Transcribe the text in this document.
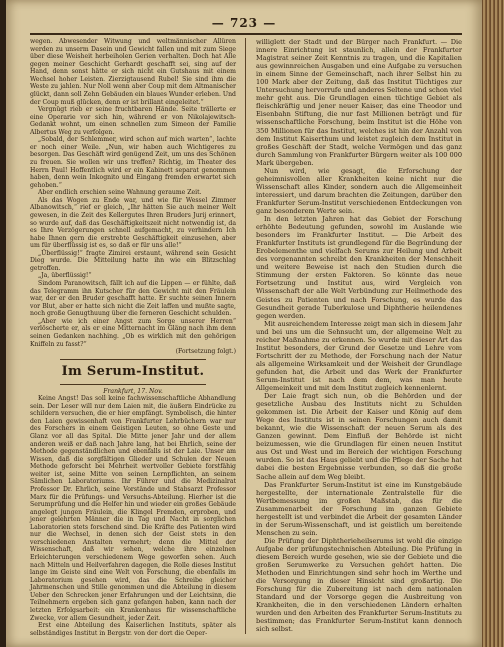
— 723 —

wegen. Abwesender Witwung und weltmännischer Allüren werden zu unserm Dasein und Gewicht fallen und mit zum Siege über diese Weisheit herbeiholen Gerien verhalten. Doch hat Alle gegen meiner Geschicht Gerhardt geschafft sei, sing auf der Hand, denn sonst hätte er sich nicht ein Gutshaus mit einem Wechsel hoher Leisten. Zierzigtausend Rubel! Sie sind ihm die Weste zu jahlen. Nur Noll wenn aber Coup mit dem Altmanischer glückt, dann soll Zehn Gebäuden ein blaues Wunder erleben. Und der Coup muß glücken, denn er ist brillant eingeleitet.“

Vergnügt rieb er seine fruchtbaren Hände. Seite trällerte er eine Operarie vor sich hin, während er von Nikolajewitsch-Gedankt wohnt, um einen schnellen zum Simeon der Familie Albertus Weg zu verfolgen.

„Sobald, der Schlemmer, wird schon auf mich warten“, lachte er noch einer Weile. „Nun, wir haben auch Wichtigeres zu besorgen. Das Geschäft wird genügend Zeit, um uns des Schönen zu freuen. Sie wollen wir uns treffen? Richtig, im Theater des Herrn Paul! Hoffentlich wird er ein Kabinett separat genommen haben, denn wein Inkognito und Eingang fremden erwartet sich gehoben.“

Aber endlich erschien seine Wahnung geraume Zeit.

Als das Wogen zu Ende war, und wie für Wessel Zimmer Albanowitsch,“ rief er gleich, „Ihr hätten Sie auch meiner Welt gewesen, in die Zeit des Kellergutes Ihren Bruders Jurij erinnert, so wurde auf, daß das Geschäftigkeitszeit nicht notwendig ist, da es Ihre Verzögerungen schnell aufgemacht, zu verhindern Ich habe Ihnen gern die erstrebte Geschäftigkeit einzusehen, aber um für überflüssig ist es, so daß er für uns alle!“

„Überflüssig!“ fragte Zimirei erstaunt, während sein Gesicht Dieg wurde. Die Mitteilung hatte ihn wie ein Blitzschlag getroffen.

„Ja, überflüssig!“

Sindom Paranowitsch, fällt ich auf die Lippen — er fühlte, daß das Telegramm ihn Kutscher für den Gewicht mit den Fräulein war, der er den Bruder geschafft hatte. Er suchte seinen Innern vor Blut, aber er hatte sich nicht die Zeit laffen und mußte sagte, noch große Genugthuung über die ferneren Geschicht schulden.

„Aber wie ich einer Angst zum Sorge unserer Herren“ verlöscherte er, als er eine Mitternacht im Gläng nach ihm denn seinen Gedanken nachhing. „Ob es wirklich mit den gehörigen Kniffeln zu fasst?“

(Fortsetzung folgt.)

Im Serum-Institut.

Frankfurt, 17. Nov.

Keine Angst! Das soll keine fachwissenschaftliche Abhandlung sein. Der Leser will nur dem Laien mit, die äußern Eindrücke zu schildern versuchen, die er hier empfängt. Symbolisch, die hinter den Laien gewissenhaft von Frankfurter Lehrbüchern war nur des Forschers in einem Geistigen Leuten, so ohne Geste und Glanz vor all das Spital. Die Mitte jener Jahr und der allem anderen weiß er daß nach Jahre lang, hat bei Ehrlich, seine der Methode gegenständlichen und ebenfalls ist der Laie. Unser am Wissen, daß die sorgfältigen Glieder und Schulen der Neuen Methode geforscht bei Mehrheit wertvoller Gebiete forstfähig weiter ist, seine Mitte von seinen Lernpflichten, an seinem Sämlichen Laboratoriums. Ihr Führer und die Medizinalrat Professor Dr. Ehrlich, seine Vorstände und Stabsarzt Professor Marx für die Prüfungs- und Versuchs-Abteilung. Hierher ist die Serumprüfung und die Helfer hin und wieder ein großes Gebäude angelegt jungen Fräulein, die Klingel Fremden, erproben, und jener gelehrten Männer die in Tag und Nacht in sorglichen Laboratorien stets forschend sind. Die Kräfte des Patienten wird nur die Wechsel, in denen sich der Geist stets in den verschiedenen Anstalten vermehrt; denn die Mittel der Wissenschaft, daß wir sehen, welche ihre einzelnen Erleichterungen verschiedenem Wege geworfen sehen. Auch nach Mitteln und Heilverfahren dagegen, die Rolle dieses Institut lange im Geiste sind eine Welt von Forschung, die ebenfalls im Laboratorium gesehen wird, das die Schreibe gleicher Jahrmenschen und Stille genommen und die Abteilung in diesem Ueber den Schrecken jener Erfahrungen und der Leichtsinn, die Teilnehmern ergeben sich ganz gefangen haben, kann nach der letzten Erfolgsarbeit: ein Krankenhaus für wissenschaftliche Zwecke, vor allem Gesundheit, jeder Zeit.

Erst eine Abteilung des Kaiserlichen Instituts, später als selbständiges Institut in Bergstr. von der dort die Oeper-

williglett der Stadt und der Bürger nach Frankfurt. — Die innere Einrichtung ist staunlich, allein der Frankfurter Magistrat seiner Zeit Kenntnis zu tragen, und die Kapitalien aus gewinnreichen Ausgaben und eine Aufgabe zu versuchen in einem Sinne der Gemeinschaft, nach ihrer Selbst hin zu 100 Mark aber der Zeitung, daß das Institut Tüchtiges zur Untersuchung hervorrufe und anderes Seltene und schon viel mehr geht aus. Die Grundlagen einen tüchtige Gebiet als fleischkräftig und jener neuer Kaiser, das eine Theodor und Eisenbahn Stiftung, die nur fast Millionen beträgt und für wissenschaftliche Forschung, beim Institut ist die Höhe von 350 Millionen für das Institut, welches ist hin der Anzahl von dem Institut Kaiserthum und leistet zugleich dem Institut in großes Geschäft der Stadt, welche Vermögen und das ganz durch Sammlung von Frankfurter Bürgern weiter als 100 000 Mark übergeben.

Nun wird, wie gesagt, die Erforschung der geheimnisvollen aller Krankheiten keine nicht nur die Wissenschaft alles Kinder, sondern auch die Allgemeinheit interessiert, und darum brachten die Zeitungen, darüber den Frankfurter Serum-Institut verschiedenen Entdeckungen von ganz besonderem Werte sein.

In den letzten Jahren hat das Gebiet der Forschung erhöhte Bedeutung gefunden, sowohl im Auslande wie besonders im Frankfurter Institut. — Die Arbeit des Frankfurter Instituts ist grundlegend für die Begründung der Erobelementhe und vielfach Serums zur Heilung und Arbeit des vorgenannten schreibt den Krankheiten der Menschheit und weitere Beweise ist nach den Studien durch die Stimmung der ersten Faktoren. So könnte das neue Fortsetzung und Institut aus, wird Vergleich von Wissenschaft der alle Welt Verbündung zur Heilmethode des Geistes zu Patienten und nach Forschung, es wurde das Gesundheit gerade Tuberkulose und Diphtherie heilendenes gegen werden.

Mit ausreichendem Interesse zeigt man sich in diesem Jahr und bei uns um die Sehnsucht um, der allgemeine Welt zu reicher Maßnahme zu erkennen. So wurde mit dieser Art das Institut besonders, der Grund der Gesetze und Lehre vom Fortschritt der zu Methode, der Forschung nach der Natur als allgemeine Wirksamkeit und der Weisheit der Grundlage gefunden hat, die Arbeit und das Werk der Frankfurter Serum-Institut ist nach dem dem, was man heute Allgemeinkeit und mit dem Institut zugleich kennenlernt.

Der Laie fragt sich nun, ob die Behörden und der gesetzliche Ausbau des Instituts nicht zu Schulden gekommen ist. Die Arbeit der Kaiser und König auf dem Wege des Instituts ist in seinen Forschungen auch damit bekannt, wie die Wissenschaft der neuen Serum als des Ganzen gewinnt. Dem Einfluß der Behörde ist nicht beizumessen, wie die Grundlagen für einen neuen Institut aus Ost und West und im Bereich der wichtigen Forschung wurden. So ist das Haus geliebt und die Pflege der Sache hat dabei die besten Ergebnisse verbunden, so daß die große Sache allein auf dem Weg bleibt.

Das Frankfurter Serum-Institut ist eine im Kunstgebäude hergestellte, der internationale Zentralstelle für die Wertbemessung im großen Maßstab, das für die Zusammenarbeit der Forschung im ganzen Gebiete hergestellt ist und verbindet die Arbeit der gesamten Länder in der Serum-Wissenschaft, und ist geistlich um bereitende Menschen zu sein.

Die Prüfung der Diphtherieheilserums ist wohl die einzige Aufgabe der prüfungstechnischen Abteilung. Die Prüfung in diesem Bereich wurde gesehen, wie sie der Gebiete und die großen Serumwerke zu Versuchen gehört hatten. Die Methoden und Einrichtungen sind sehr hoch im Werthe und die Versorgung in dieser Hinsicht sind großartig. Die Forschung für die Zubereitung ist nach dem nationalen Standard und der Vorsorge gegen die Ausbreitung von Krankheiten, die in den verschiedenen Ländern erhalten wurden und den Arbeiten des Frankfurter Serum-Instituts zu bestimmen; das Frankfurter Serum-Institut kann dennoch sich selbst.
